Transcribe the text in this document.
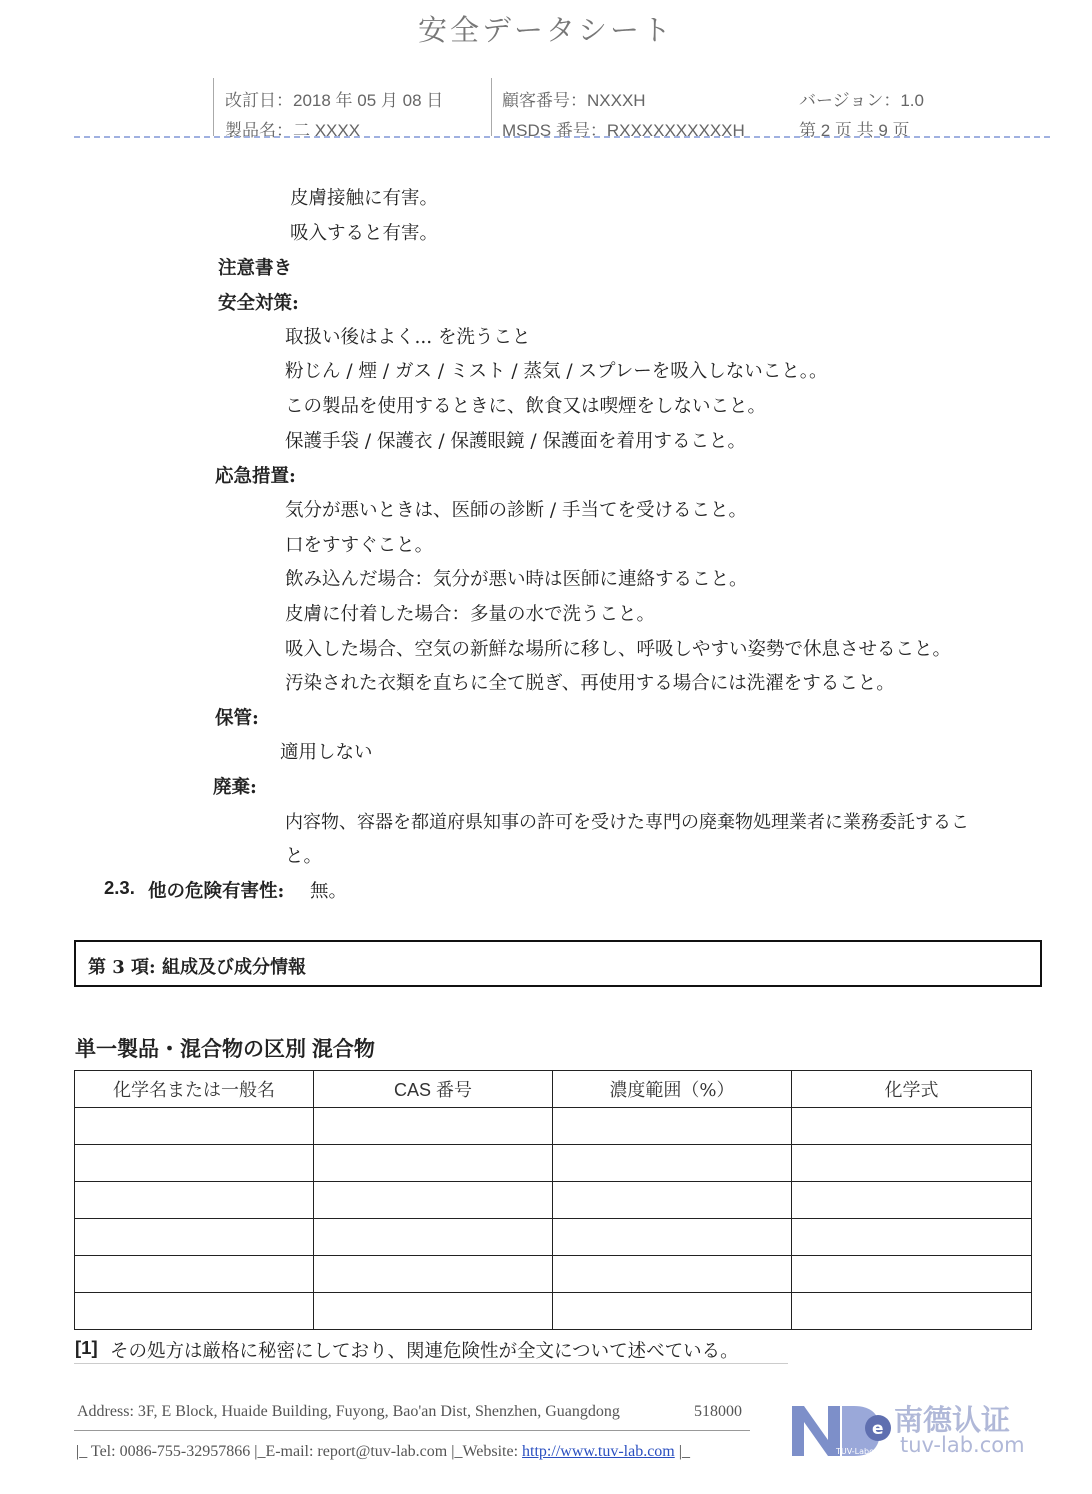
安全データシート
改訂日：2018 年 05 月 08 日
製品名：二 XXXX
顧客番号：NXXXH
MSDS 番号：RXXXXXXXXXXH
バージョン：1.0
第 2 页 共 9 页
皮膚接触に有害。
吸入すると有害。
注意書き
安全対策:
取扱い後はよく... を洗うこと
粉じん / 煙 / ガス / ミスト / 蒸気 / スプレーを吸入しないこと。。
この製品を使用するときに、飲食又は喫煙をしないこと。
保護手袋 / 保護衣 / 保護眼鏡 / 保護面を着用すること。
応急措置:
気分が悪いときは、医師の診断 / 手当てを受けること。
口をすすぐこと。
飲み込んだ場合：気分が悪い時は医師に連絡すること。
皮膚に付着した場合：多量の水で洗うこと。
吸入した場合、空気の新鮮な場所に移し、呼吸しやすい姿勢で休息させること。
汚染された衣類を直ちに全て脱ぎ、再使用する場合には洗濯をすること。
保管:
適用しない
廃棄:
内容物、容器を都道府県知事の許可を受けた専門の廃棄物処理業者に業務委託するこ
と。
2.3. 他の危険有害性: 無。
第 3 項: 組成及び成分情報
単一製品・混合物の区別 混合物
化学名または一般名	CAS 番号	濃度範囲（%）	化学式

[1] その処方は厳格に秘密にしており、関連危険性が全文について述べている。
Address: 3F, E Block, Huaide Building, Fuyong, Bao'an Dist, Shenzhen, Guangdong	518000
|_ Tel: 0086-755-32957866 |_E-mail: report@tuv-lab.com |_Website: http://www.tuv-lab.com |_
e
TUV-Laboratory
南德认证
tuv-lab.com
